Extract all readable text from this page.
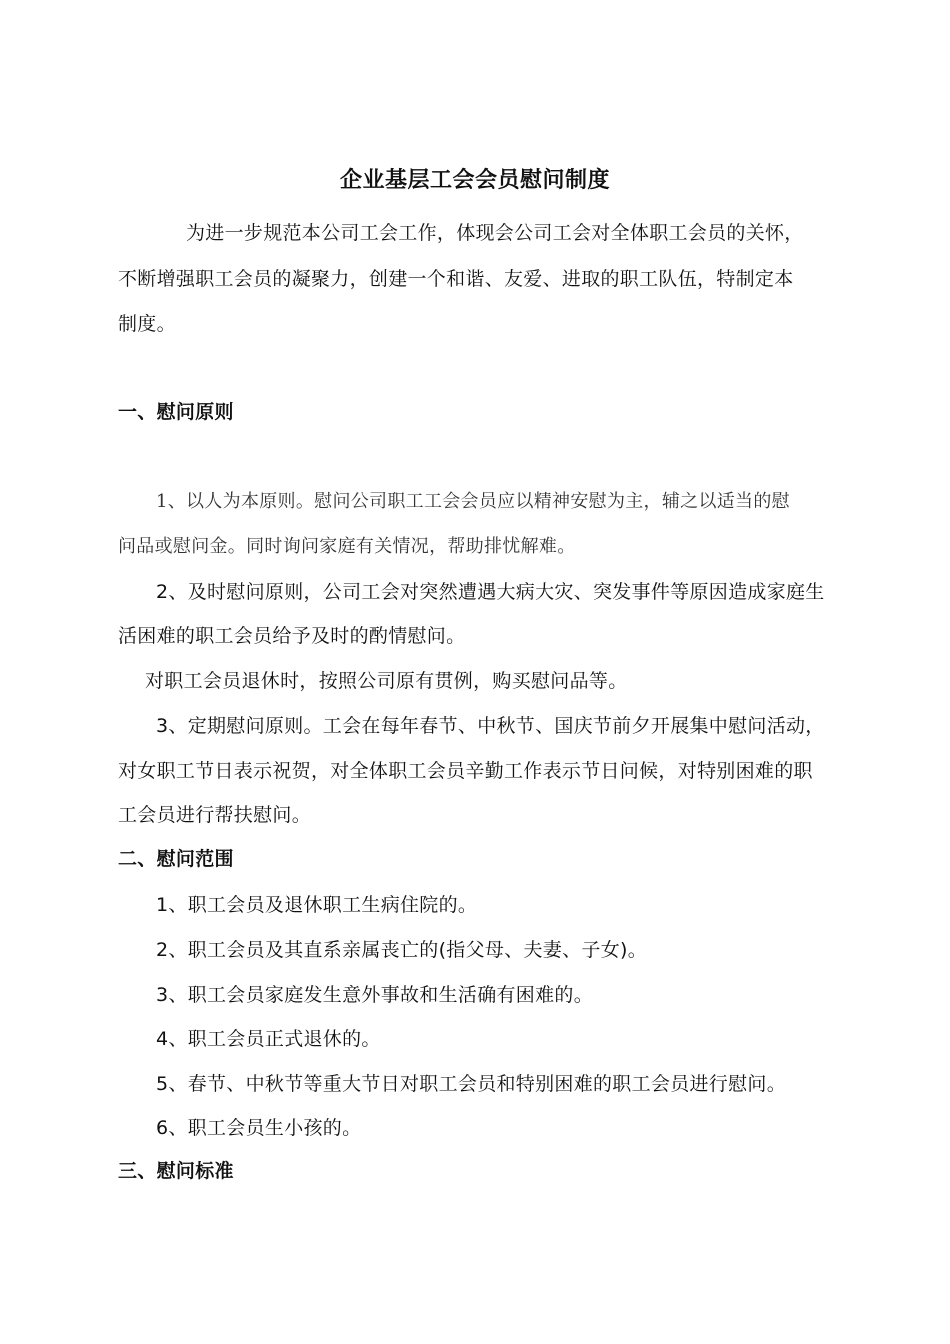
企业基层工会会员慰问制度
为进一步规范本公司工会工作，体现会公司工会对全体职工会员的关怀，
不断增强职工会员的凝聚力，创建一个和谐、友爱、进取的职工队伍，特制定本
制度。
一、慰问原则
1、以人为本原则。慰问公司职工工会会员应以精神安慰为主，辅之以适当的慰
问品或慰问金。同时询问家庭有关情况，帮助排忧解难。
2、及时慰问原则，公司工会对突然遭遇大病大灾、突发事件等原因造成家庭生
活困难的职工会员给予及时的酌情慰问。
对职工会员退休时，按照公司原有贯例，购买慰问品等。
3、定期慰问原则。工会在每年春节、中秋节、国庆节前夕开展集中慰问活动，
对女职工节日表示祝贺，对全体职工会员辛勤工作表示节日问候，对特别困难的职
工会员进行帮扶慰问。
二、慰问范围
1、职工会员及退休职工生病住院的。
2、职工会员及其直系亲属丧亡的(指父母、夫妻、子女)。
3、职工会员家庭发生意外事故和生活确有困难的。
4、职工会员正式退休的。
5、春节、中秋节等重大节日对职工会员和特别困难的职工会员进行慰问。
6、职工会员生小孩的。
三、慰问标准
